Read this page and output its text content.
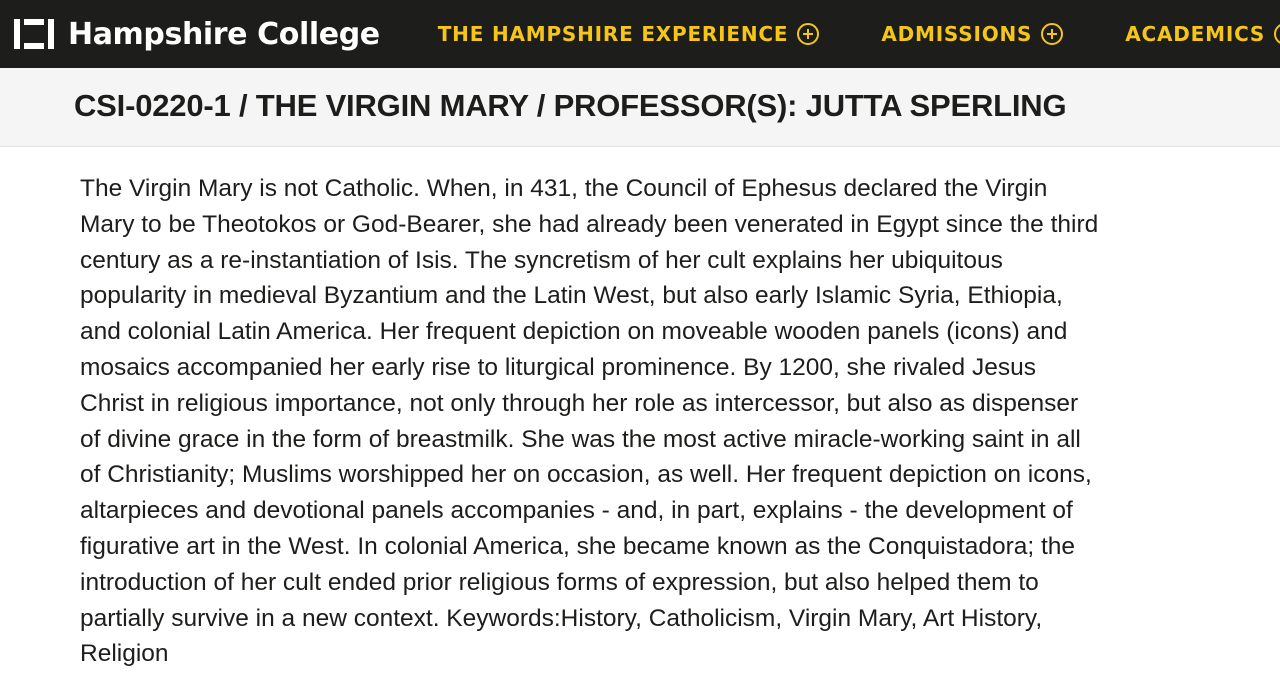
Hampshire College	THE HAMPSHIRE EXPERIENCE	ADMISSIONS	ACADEMICS
CSI-0220-1 / THE VIRGIN MARY / PROFESSOR(S): JUTTA SPERLING

The Virgin Mary is not Catholic. When, in 431, the Council of Ephesus declared the Virgin Mary to be Theotokos or God-Bearer, she had already been venerated in Egypt since the third century as a re-instantiation of Isis. The syncretism of her cult explains her ubiquitous popularity in medieval Byzantium and the Latin West, but also early Islamic Syria, Ethiopia, and colonial Latin America. Her frequent depiction on moveable wooden panels (icons) and mosaics accompanied her early rise to liturgical prominence. By 1200, she rivaled Jesus Christ in religious importance, not only through her role as intercessor, but also as dispenser of divine grace in the form of breastmilk. She was the most active miracle-working saint in all of Christianity; Muslims worshipped her on occasion, as well. Her frequent depiction on icons, altarpieces and devotional panels accompanies - and, in part, explains - the development of figurative art in the West. In colonial America, she became known as the Conquistadora; the introduction of her cult ended prior religious forms of expression, but also helped them to partially survive in a new context. Keywords:History, Catholicism, Virgin Mary, Art History, Religion
